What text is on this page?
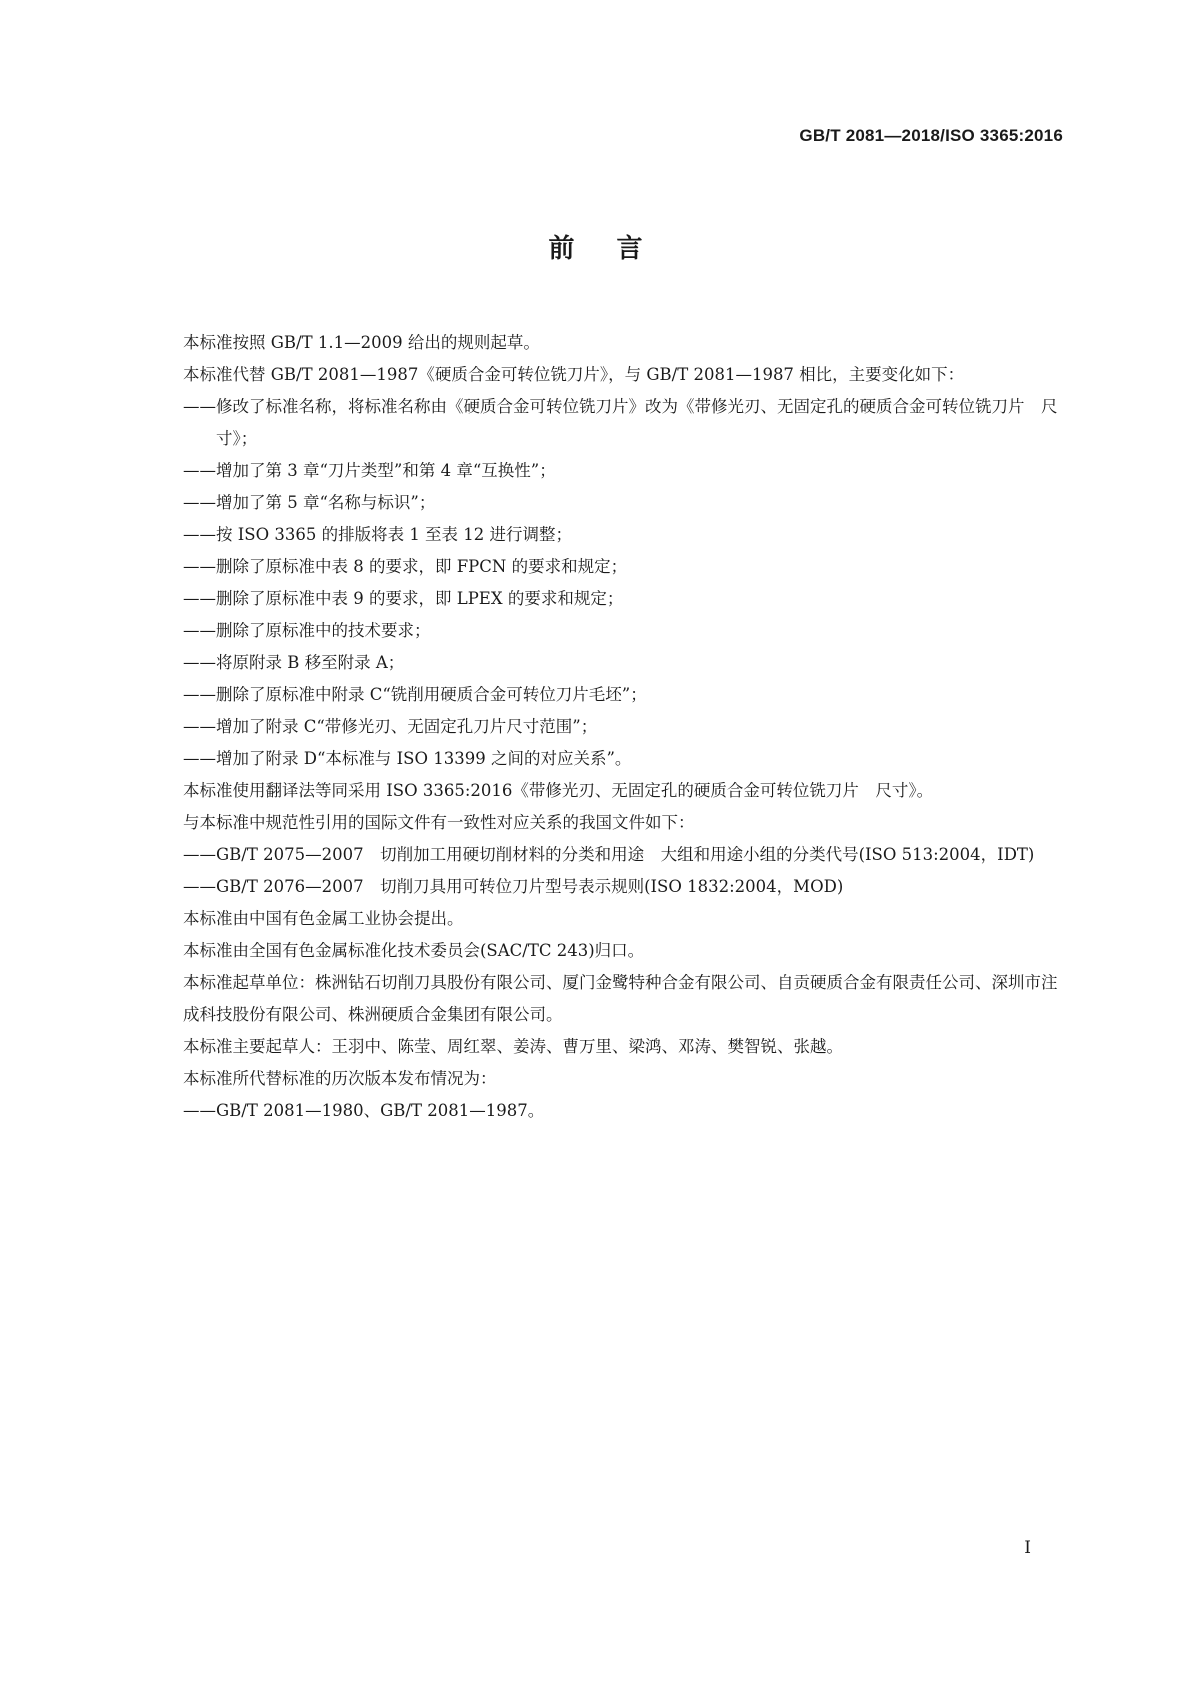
GB/T 2081—2018/ISO 3365:2016

前言

本标准按照 GB/T 1.1—2009 给出的规则起草。

本标准代替 GB/T 2081—1987《硬质合金可转位铣刀片》，与 GB/T 2081—1987 相比，主要变化如下：

—— 修改了标准名称，将标准名称由《硬质合金可转位铣刀片》改为《带修光刃、无固定孔的硬质合金可转位铣刀片　尺寸》；
—— 增加了第 3 章“刀片类型”和第 4 章“互换性”；
—— 增加了第 5 章“名称与标识”；
—— 按 ISO 3365 的排版将表 1 至表 12 进行调整；
—— 删除了原标准中表 8 的要求，即 FPCN 的要求和规定；
—— 删除了原标准中表 9 的要求，即 LPEX 的要求和规定；
—— 删除了原标准中的技术要求；
—— 将原附录 B 移至附录 A；
—— 删除了原标准中附录 C“铣削用硬质合金可转位刀片毛坯”；
—— 增加了附录 C“带修光刃、无固定孔刀片尺寸范围”；
—— 增加了附录 D“本标准与 ISO 13399 之间的对应关系”。

本标准使用翻译法等同采用 ISO 3365:2016《带修光刃、无固定孔的硬质合金可转位铣刀片　尺寸》。

与本标准中规范性引用的国际文件有一致性对应关系的我国文件如下：

—— GB/T 2075—2007　切削加工用硬切削材料的分类和用途　大组和用途小组的分类代号(ISO 513:2004，IDT)
—— GB/T 2076—2007　切削刀具用可转位刀片型号表示规则(ISO 1832:2004，MOD)

本标准由中国有色金属工业协会提出。

本标准由全国有色金属标准化技术委员会(SAC/TC 243)归口。

本标准起草单位：株洲钻石切削刀具股份有限公司、厦门金鹭特种合金有限公司、自贡硬质合金有限责任公司、深圳市注成科技股份有限公司、株洲硬质合金集团有限公司。

本标准主要起草人：王羽中、陈莹、周红翠、姜涛、曹万里、梁鸿、邓涛、樊智锐、张越。

本标准所代替标准的历次版本发布情况为：

—— GB/T 2081—1980、GB/T 2081—1987。

I
